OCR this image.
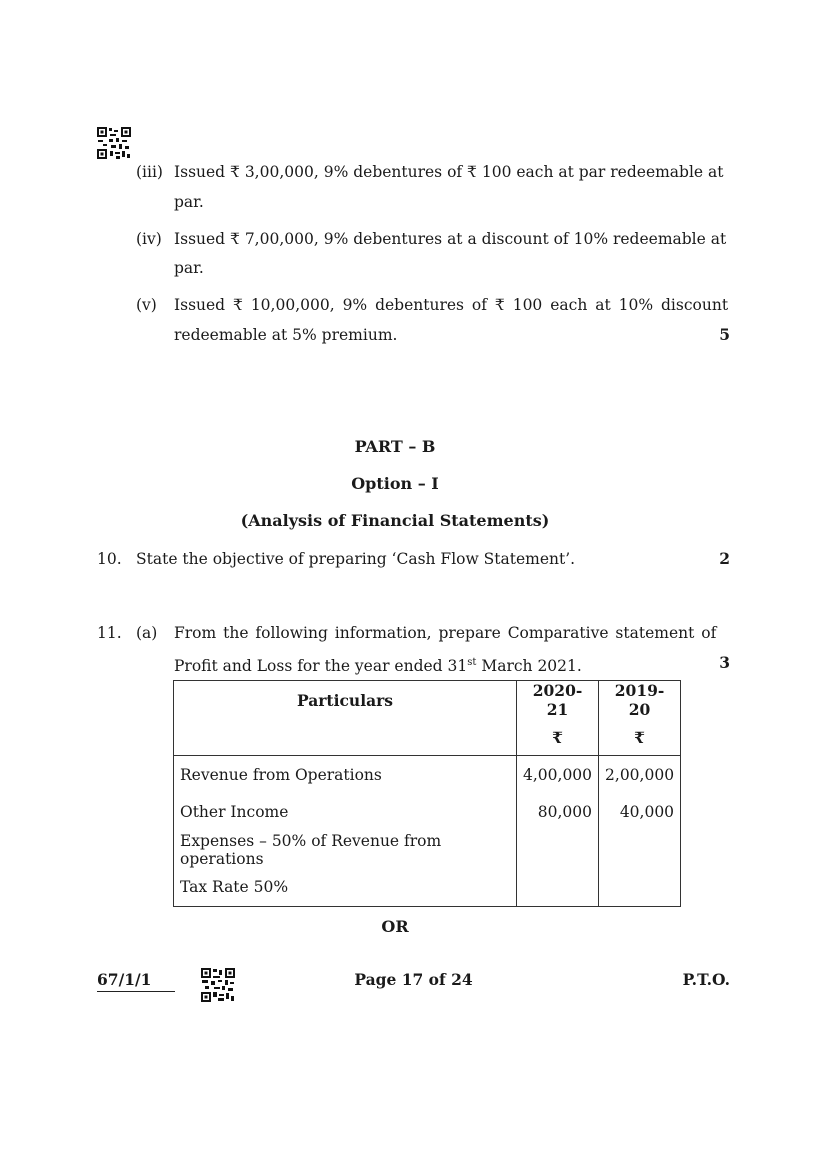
(iii) Issued ₹ 3,00,000, 9% debentures of ₹ 100 each at par redeemable at
par.
(iv) Issued ₹ 7,00,000, 9% debentures at a discount of 10% redeemable at
par.
(v) Issued ₹ 10,00,000, 9% debentures of ₹ 100 each at 10% discount
redeemable at 5% premium.	5
PART – B
Option – I
(Analysis of Financial Statements)
10. State the objective of preparing ‘Cash Flow Statement’.	2
11. (a) From the following information, prepare Comparative statement of
Profit and Loss for the year ended 31st March 2021.	3
Particulars	2020-21	2019-20
	₹	₹
Revenue from Operations	4,00,000	2,00,000
Other Income	80,000	40,000
Expenses – 50% of Revenue from operations		
Tax Rate 50%		
OR
67/1/1	Page 17 of 24	P.T.O.
